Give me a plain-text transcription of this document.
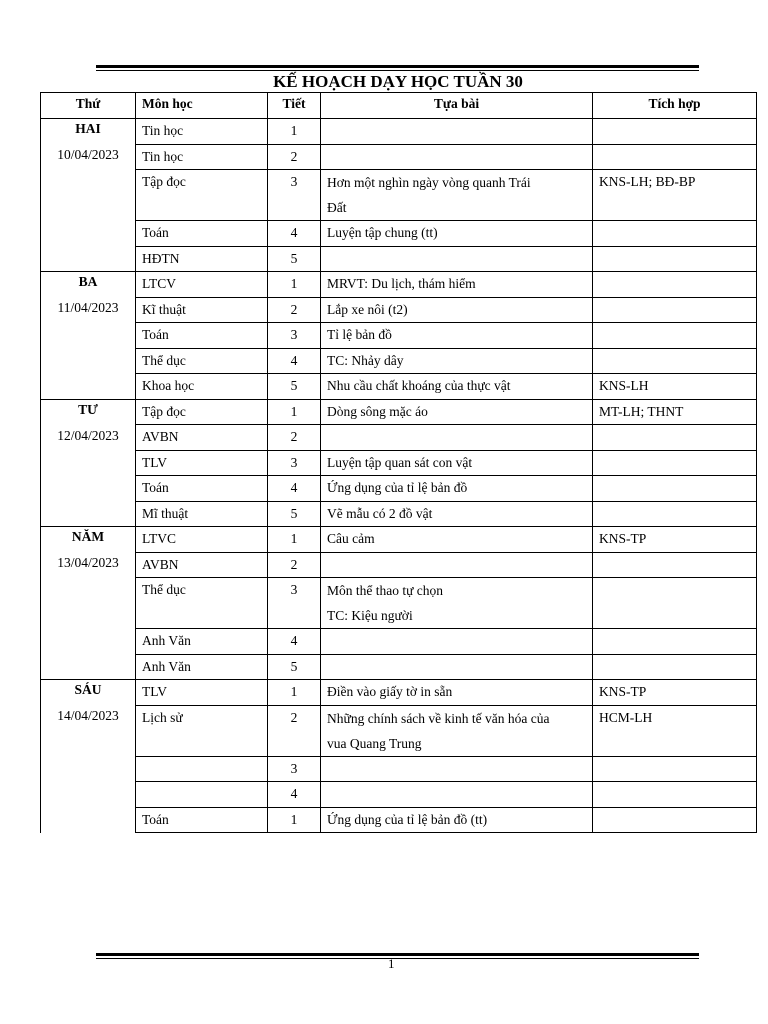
KẾ HOẠCH DẠY HỌC TUẦN 30
Thứ	Môn học	Tiết	Tựa bài	Tích hợp

HAI
10/04/2023	Tin học	1		
	Tin học	2		
	Tập đọc	3	Hơn một nghìn ngày vòng quanh Trái
Đất	KNS-LH; BĐ-BP
	Toán	4	Luyện tập chung (tt)	
	HĐTN	5		

BA
11/04/2023	LTCV	1	MRVT: Du lịch, thám hiểm	
	Kĩ thuật	2	Lắp xe nôi (t2)	
	Toán	3	Tỉ lệ bản đồ	
	Thể dục	4	TC: Nhảy dây	
	Khoa học	5	Nhu cầu chất khoáng của thực vật	KNS-LH

TƯ
12/04/2023	Tập đọc	1	Dòng sông mặc áo	MT-LH; THNT
	AVBN	2		
	TLV	3	Luyện tập quan sát con vật	
	Toán	4	Ứng dụng của tỉ lệ bản đồ	
	Mĩ thuật	5	Vẽ mẫu có 2 đồ vật	

NĂM
13/04/2023	LTVC	1	Câu cảm	KNS-TP
	AVBN	2		
	Thể dục	3	Môn thể thao tự chọn
TC: Kiệu người	

	Anh Văn	4		
	Anh Văn	5		

SÁU
14/04/2023	TLV	1	Điền vào giấy tờ in sẵn	KNS-TP
	Lịch sử	2	Những chính sách về kinh tế văn hóa của
vua Quang Trung	HCM-LH
		3		
		4		
	Toán	1	Ứng dụng của tỉ lệ bản đồ (tt)	
1
